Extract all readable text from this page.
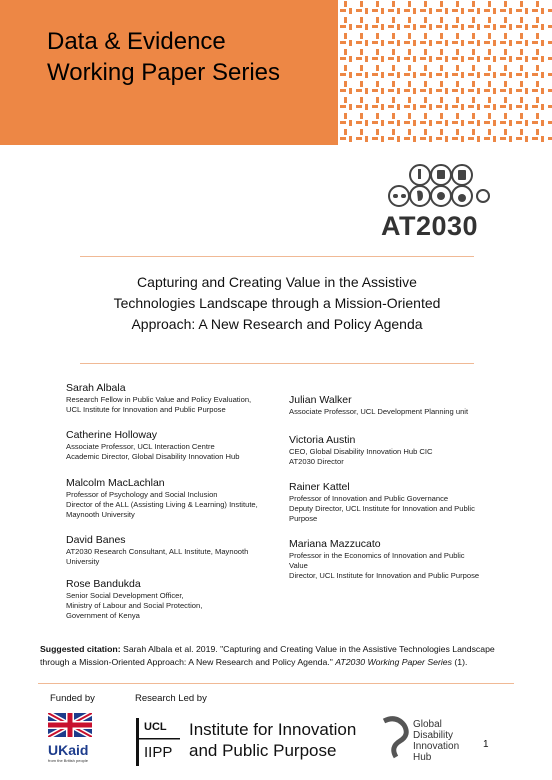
Data & Evidence
Working Paper Series
AT2030
Capturing and Creating Value in the Assistive
Technologies Landscape through a Mission-Oriented
Approach: A New Research and Policy Agenda
Sarah Albala
Research Fellow in Public Value and Policy Evaluation,
UCL Institute for Innovation and Public Purpose
Catherine Holloway
Associate Professor, UCL Interaction Centre
Academic Director, Global Disability Innovation Hub
Malcolm MacLachlan
Professor of Psychology and Social Inclusion
Director of the ALL (Assisting Living & Learning) Institute,
Maynooth University
David Banes
AT2030 Research Consultant, ALL Institute, Maynooth
University
Rose Bandukda
Senior Social Development Officer,
Ministry of Labour and Social Protection,
Government of Kenya
Julian Walker
Associate Professor, UCL Development Planning unit
Victoria Austin
CEO, Global Disability Innovation Hub CIC
AT2030 Director
Rainer Kattel
Professor of Innovation and Public Governance
Deputy Director, UCL Institute for Innovation and Public
Purpose
Mariana Mazzucato
Professor in the Economics of Innovation and Public
Value
Director, UCL Institute for Innovation and Public Purpose
Suggested citation: Sarah Albala et al. 2019. "Capturing and Creating Value in the Assistive Technologies Landscape through a Mission-Oriented Approach: A New Research and Policy Agenda." AT2030 Working Paper Series (1).
Funded by	Research Led by
UKaid
from the British people
UCL
IIPP
Institute for Innovation
and Public Purpose
Global
Disability
Innovation
Hub
1
